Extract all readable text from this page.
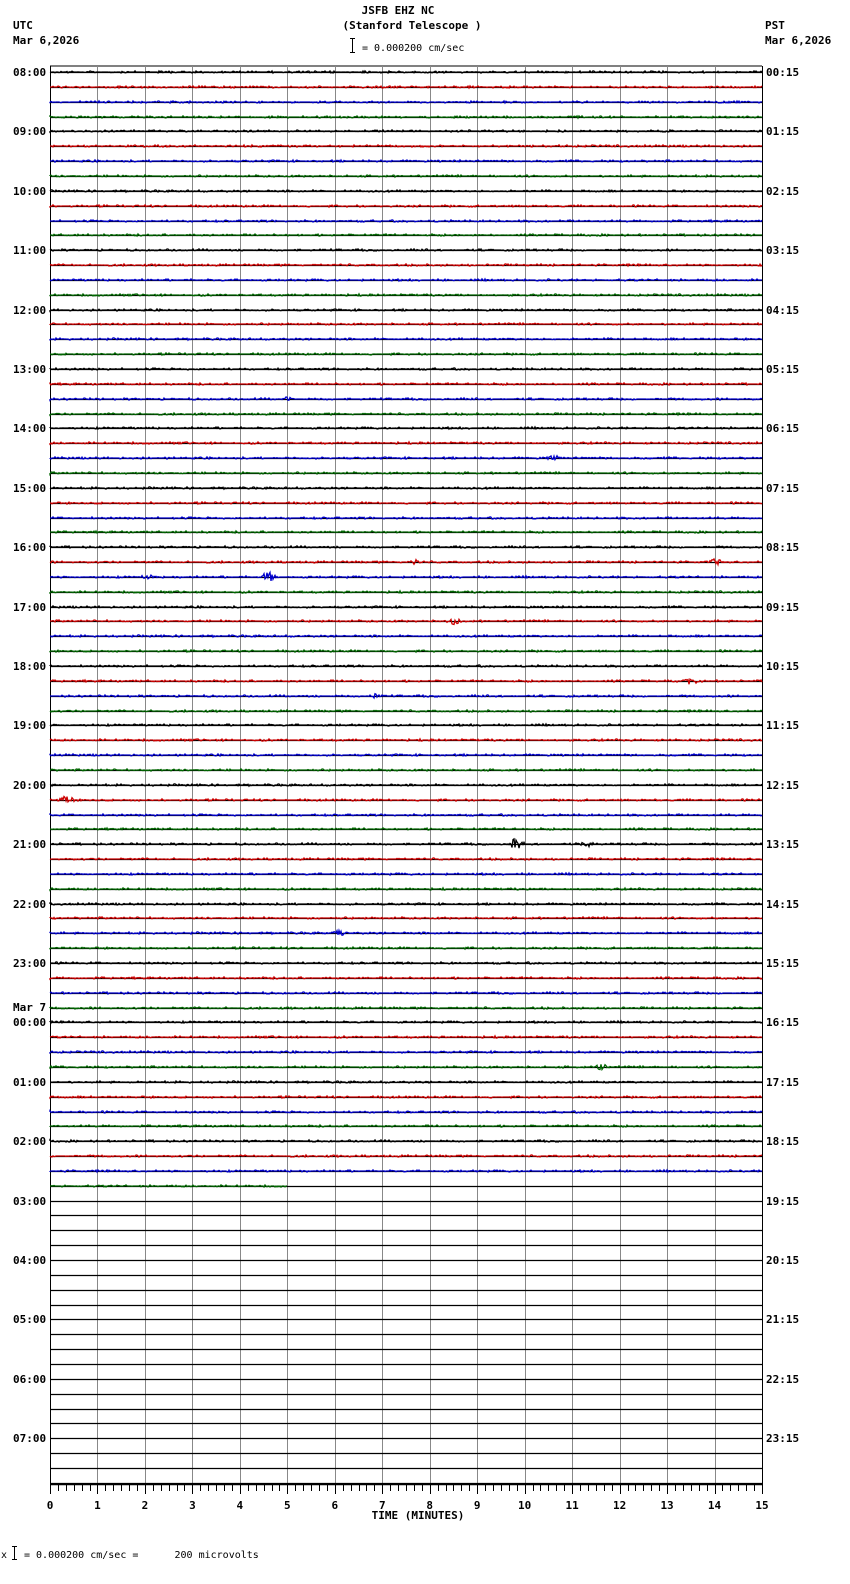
JSFB EHZ NC
(Stanford Telescope )
UTC
Mar 6,2026
PST
Mar 6,2026
= 0.000200 cm/sec
08:00
09:00
10:00
11:00
12:00
13:00
14:00
15:00
16:00
17:00
18:00
19:00
20:00
21:00
22:00
23:00
00:00
01:00
02:00
03:00
04:00
05:00
06:00
07:00
Mar 7
00:15
01:15
02:15
03:15
04:15
05:15
06:15
07:15
08:15
09:15
10:15
11:15
12:15
13:15
14:15
15:15
16:15
17:15
18:15
19:15
20:15
21:15
22:15
23:15
0	1	2	3	4	5	6	7	8	9	10	11	12	13	14	15
TIME (MINUTES)
x = 0.000200 cm/sec =      200 microvolts
